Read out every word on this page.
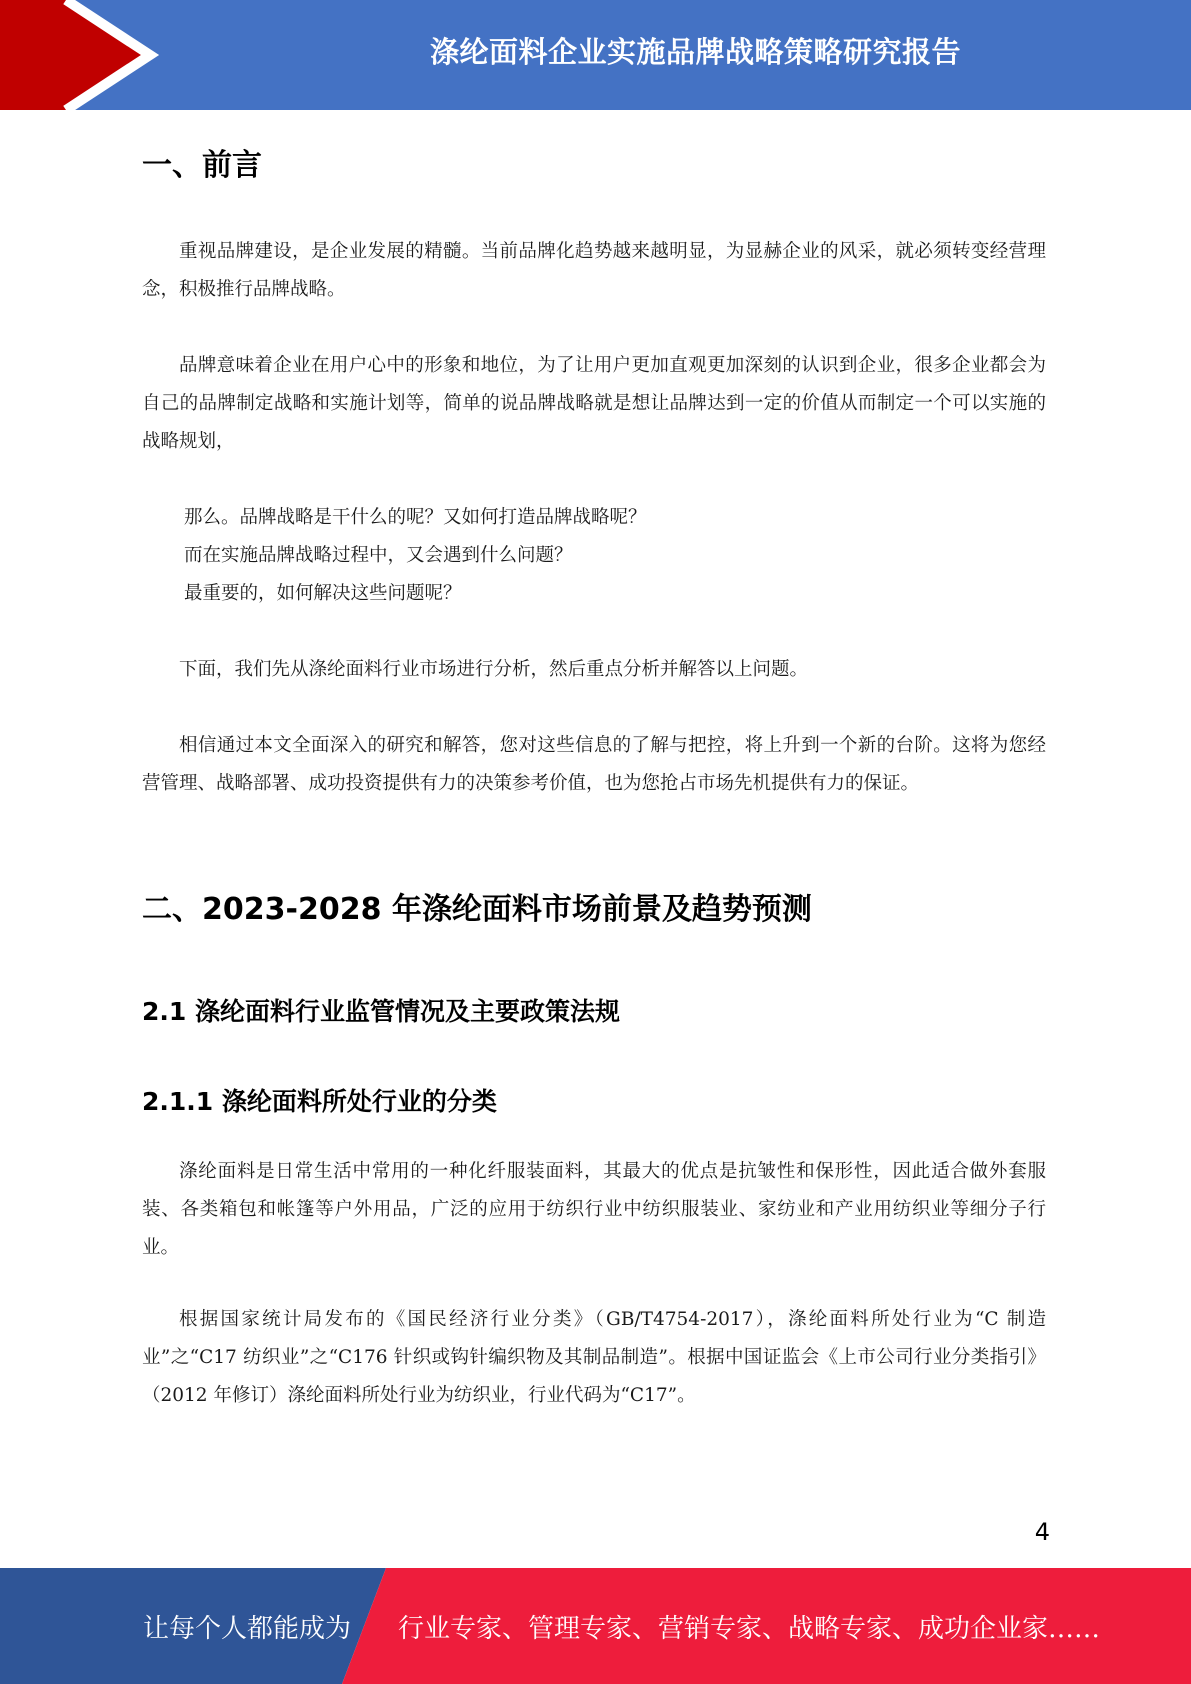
涤纶面料企业实施品牌战略策略研究报告
一、前言

重视品牌建设，是企业发展的精髓。当前品牌化趋势越来越明显，为显赫企业的风采，就必须转变经营理念，积极推行品牌战略。

品牌意味着企业在用户心中的形象和地位，为了让用户更加直观更加深刻的认识到企业，很多企业都会为自己的品牌制定战略和实施计划等，简单的说品牌战略就是想让品牌达到一定的价值从而制定一个可以实施的战略规划，

那么。品牌战略是干什么的呢？又如何打造品牌战略呢？

而在实施品牌战略过程中，又会遇到什么问题？

最重要的，如何解决这些问题呢？

下面，我们先从涤纶面料行业市场进行分析，然后重点分析并解答以上问题。

相信通过本文全面深入的研究和解答，您对这些信息的了解与把控，将上升到一个新的台阶。这将为您经营管理、战略部署、成功投资提供有力的决策参考价值，也为您抢占市场先机提供有力的保证。

二、2023-2028 年涤纶面料市场前景及趋势预测
2.1 涤纶面料行业监管情况及主要政策法规
2.1.1 涤纶面料所处行业的分类

涤纶面料是日常生活中常用的一种化纤服装面料，其最大的优点是抗皱性和保形性，因此适合做外套服装、各类箱包和帐篷等户外用品，广泛的应用于纺织行业中纺织服装业、家纺业和产业用纺织业等细分子行业。

根据国家统计局发布的《国民经济行业分类》（GB/T4754-2017），涤纶面料所处行业为“C 制造业”之“C17 纺织业”之“C176 针织或钩针编织物及其制品制造”。根据中国证监会《上市公司行业分类指引》（2012 年修订）涤纶面料所处行业为纺织业，行业代码为“C17”。

4
让每个人都能成为 行业专家、管理专家、营销专家、战略专家、成功企业家……
